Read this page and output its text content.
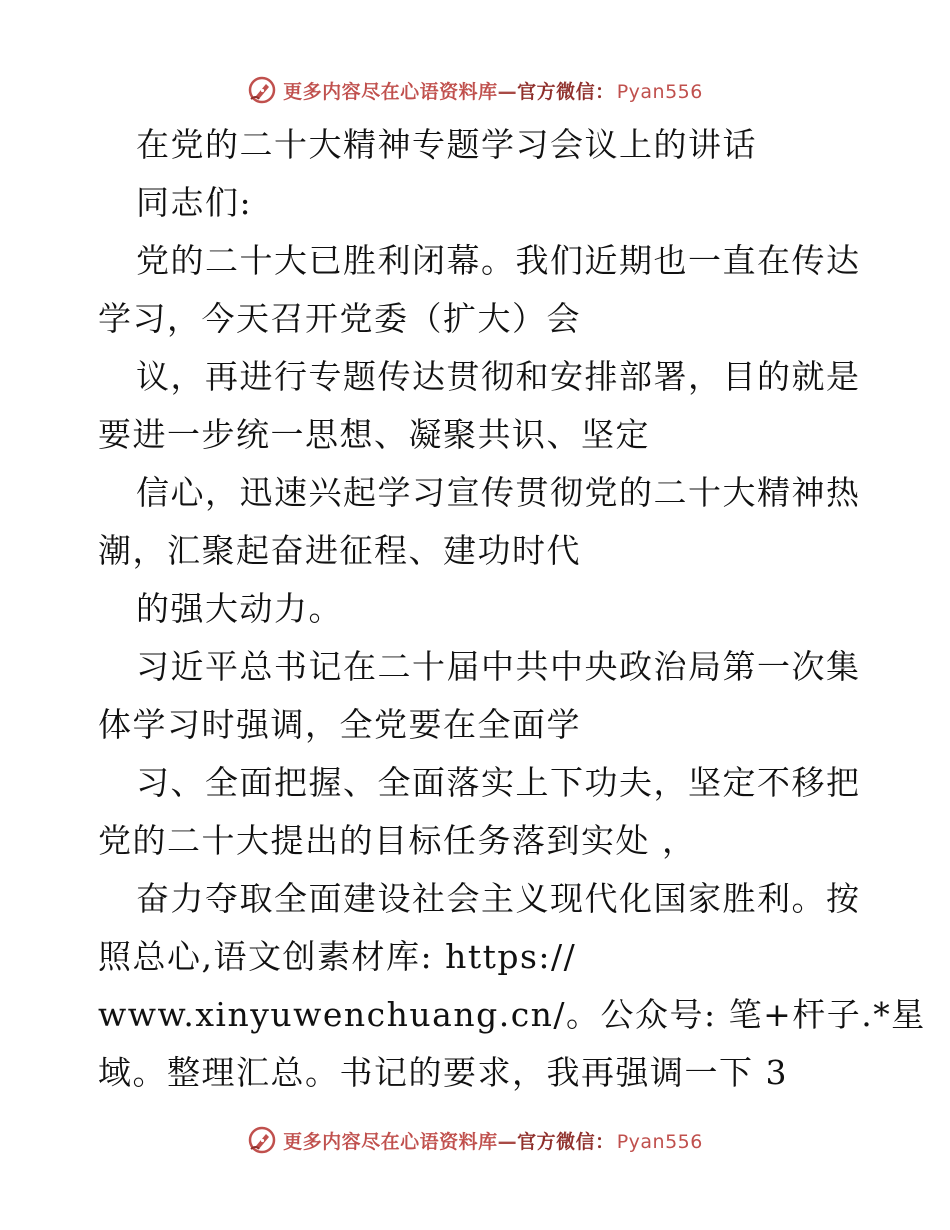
更多内容尽在心语资料库—官方微信： Pyan556
在党的二十大精神专题学习会议上的讲话
同志们:
党的二十大已胜利闭幕。我们近期也一直在传达
学习，今天召开党委（扩大）会
议，再进行专题传达贯彻和安排部署，目的就是
要进一步统一思想、凝聚共识、坚定
信心，迅速兴起学习宣传贯彻党的二十大精神热
潮，汇聚起奋进征程、建功时代
的强大动力。
习近平总书记在二十届中共中央政治局第一次集
体学习时强调，全党要在全面学
习、全面把握、全面落实上下功夫，坚定不移把
党的二十大提出的目标任务落到实处 ，
奋力夺取全面建设社会主义现代化国家胜利。按
照总心,语文创素材库: https://
www.xinyuwenchuang.cn/。公众号: 笔+杆子.*星
域。整理汇总。书记的要求，我再强调一下 3
更多内容尽在心语资料库—官方微信： Pyan556
